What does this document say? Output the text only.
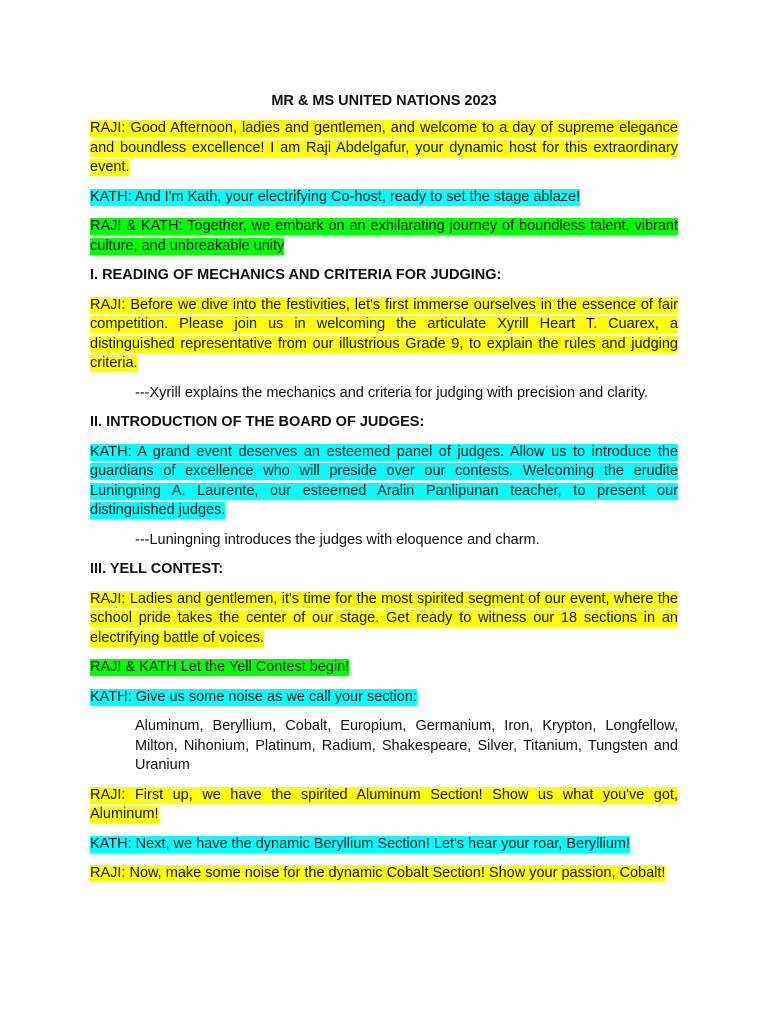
MR & MS UNITED NATIONS 2023

RAJI: Good Afternoon, ladies and gentlemen, and welcome to a day of supreme elegance and boundless excellence! I am Raji Abdelgafur, your dynamic host for this extraordinary event.

KATH: And I'm Kath, your electrifying Co-host, ready to set the stage ablaze!

RAJI & KATH: Together, we embark on an exhilarating journey of boundless talent, vibrant culture, and unbreakable unity

I. READING OF MECHANICS AND CRITERIA FOR JUDGING:

RAJI: Before we dive into the festivities, let's first immerse ourselves in the essence of fair competition. Please join us in welcoming the articulate Xyrill Heart T. Cuarex, a distinguished representative from our illustrious Grade 9, to explain the rules and judging criteria.

---Xyrill explains the mechanics and criteria for judging with precision and clarity.
II. INTRODUCTION OF THE BOARD OF JUDGES:

KATH: A grand event deserves an esteemed panel of judges. Allow us to introduce the guardians of excellence who will preside over our contests. Welcoming the erudite Luningning A. Laurente, our esteemed Aralin Panlipunan teacher, to present our distinguished judges.

---Luningning introduces the judges with eloquence and charm.
III. YELL CONTEST:

RAJI: Ladies and gentlemen, it's time for the most spirited segment of our event, where the school pride takes the center of our stage. Get ready to witness our 18 sections in an electrifying battle of voices.

RAJI & KATH Let the Yell Contest begin!

KATH: Give us some noise as we call your section:

Aluminum, Beryllium, Cobalt, Europium, Germanium, Iron, Krypton, Longfellow, Milton, Nihonium, Platinum, Radium, Shakespeare, Silver, Titanium, Tungsten and Uranium

RAJI: First up, we have the spirited Aluminum Section! Show us what you've got, Aluminum!

KATH: Next, we have the dynamic Beryllium Section! Let's hear your roar, Beryllium!

RAJI: Now, make some noise for the dynamic Cobalt Section! Show your passion, Cobalt!
